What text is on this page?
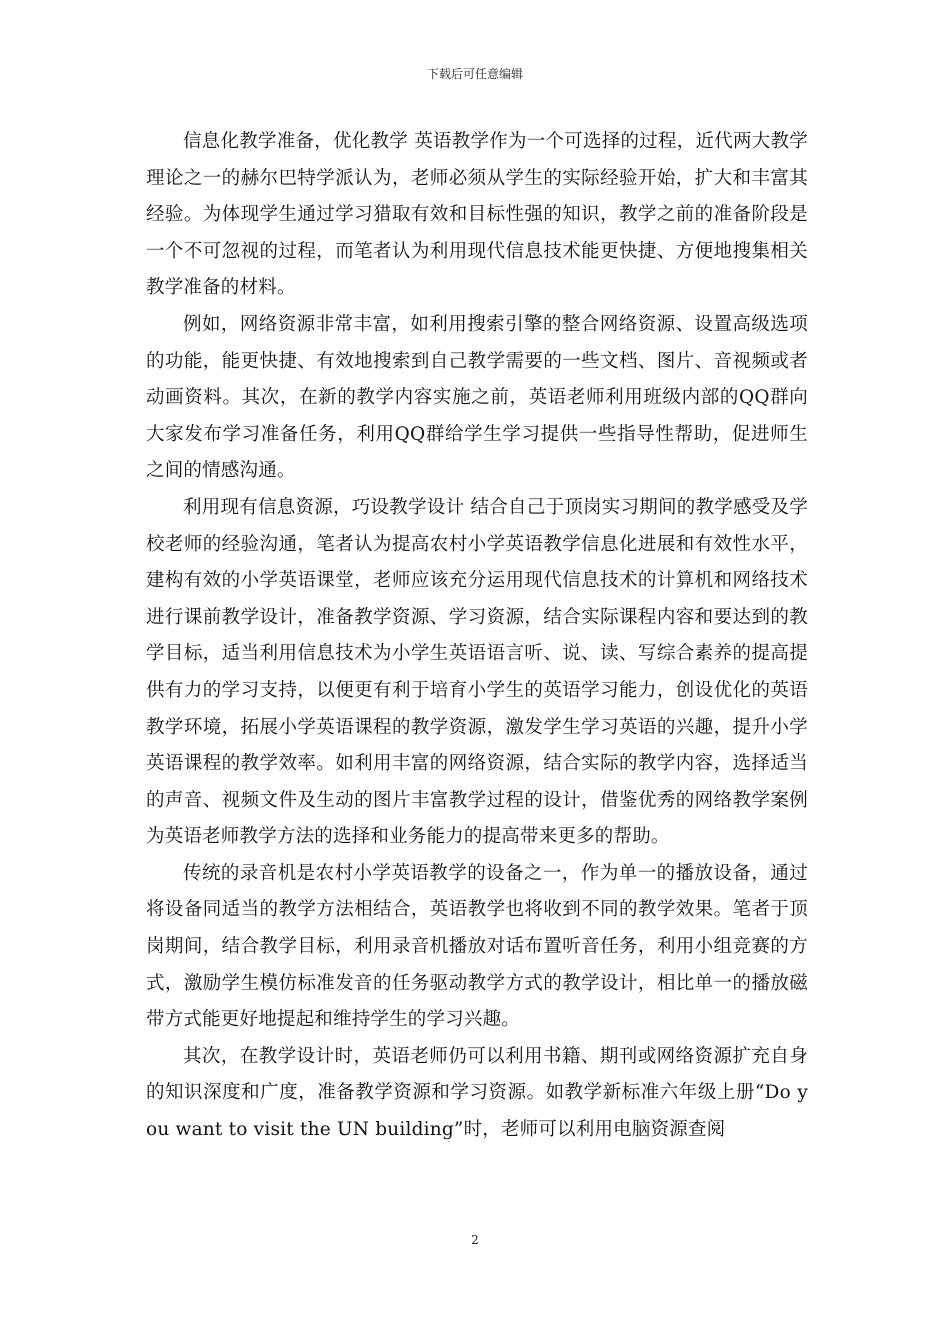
下载后可任意编辑

信息化教学准备，优化教学 英语教学作为一个可选择的过程，近代两大教学理论之一的赫尔巴特学派认为，老师必须从学生的实际经验开始，扩大和丰富其经验。为体现学生通过学习猎取有效和目标性强的知识，教学之前的准备阶段是一个不可忽视的过程，而笔者认为利用现代信息技术能更快捷、方便地搜集相关教学准备的材料。

例如，网络资源非常丰富，如利用搜索引擎的整合网络资源、设置高级选项的功能，能更快捷、有效地搜索到自己教学需要的一些文档、图片、音视频或者动画资料。其次，在新的教学内容实施之前，英语老师利用班级内部的QQ群向大家发布学习准备任务，利用QQ群给学生学习提供一些指导性帮助，促进师生之间的情感沟通。

利用现有信息资源，巧设教学设计 结合自己于顶岗实习期间的教学感受及学校老师的经验沟通，笔者认为提高农村小学英语教学信息化进展和有效性水平，建构有效的小学英语课堂，老师应该充分运用现代信息技术的计算机和网络技术进行课前教学设计，准备教学资源、学习资源，结合实际课程内容和要达到的教学目标，适当利用信息技术为小学生英语语言听、说、读、写综合素养的提高提供有力的学习支持，以便更有利于培育小学生的英语学习能力，创设优化的英语教学环境，拓展小学英语课程的教学资源，激发学生学习英语的兴趣，提升小学英语课程的教学效率。如利用丰富的网络资源，结合实际的教学内容，选择适当的声音、视频文件及生动的图片丰富教学过程的设计，借鉴优秀的网络教学案例为英语老师教学方法的选择和业务能力的提高带来更多的帮助。

传统的录音机是农村小学英语教学的设备之一，作为单一的播放设备，通过将设备同适当的教学方法相结合，英语教学也将收到不同的教学效果。笔者于顶岗期间，结合教学目标，利用录音机播放对话布置听音任务，利用小组竞赛的方式，激励学生模仿标准发音的任务驱动教学方式的教学设计，相比单一的播放磁带方式能更好地提起和维持学生的学习兴趣。

其次，在教学设计时，英语老师仍可以利用书籍、期刊或网络资源扩充自身的知识深度和广度，准备教学资源和学习资源。如教学新标准六年级上册“Do you want to visit the UN building”时，老师可以利用电脑资源查阅

2
